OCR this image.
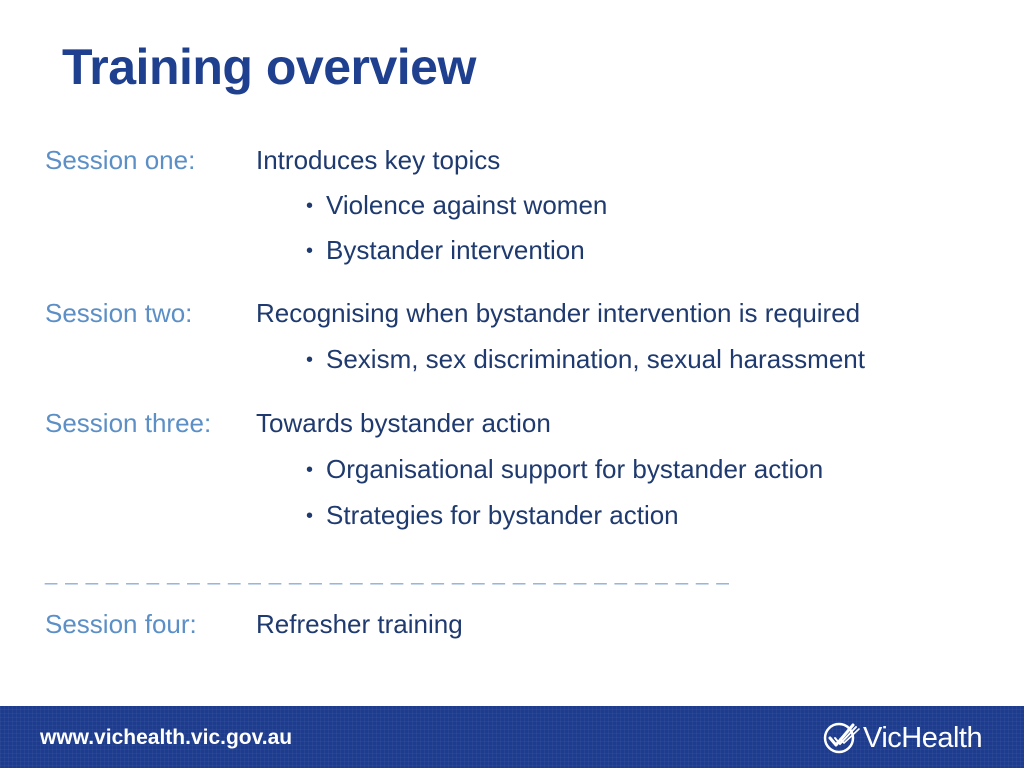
Training overview
Session one: Introduces key topics
• Violence against women
• Bystander intervention
Session two: Recognising when bystander intervention is required
• Sexism, sex discrimination, sexual harassment
Session three: Towards bystander action
• Organisational support for bystander action
• Strategies for bystander action
_ _ _ _ _ _ _ _ _ _ _ _ _ _ _ _ _ _ _ _ _ _ _ _ _ _ _ _ _ _ _ _ _ _
Session four: Refresher training
www.vichealth.vic.gov.au	VicHealth
